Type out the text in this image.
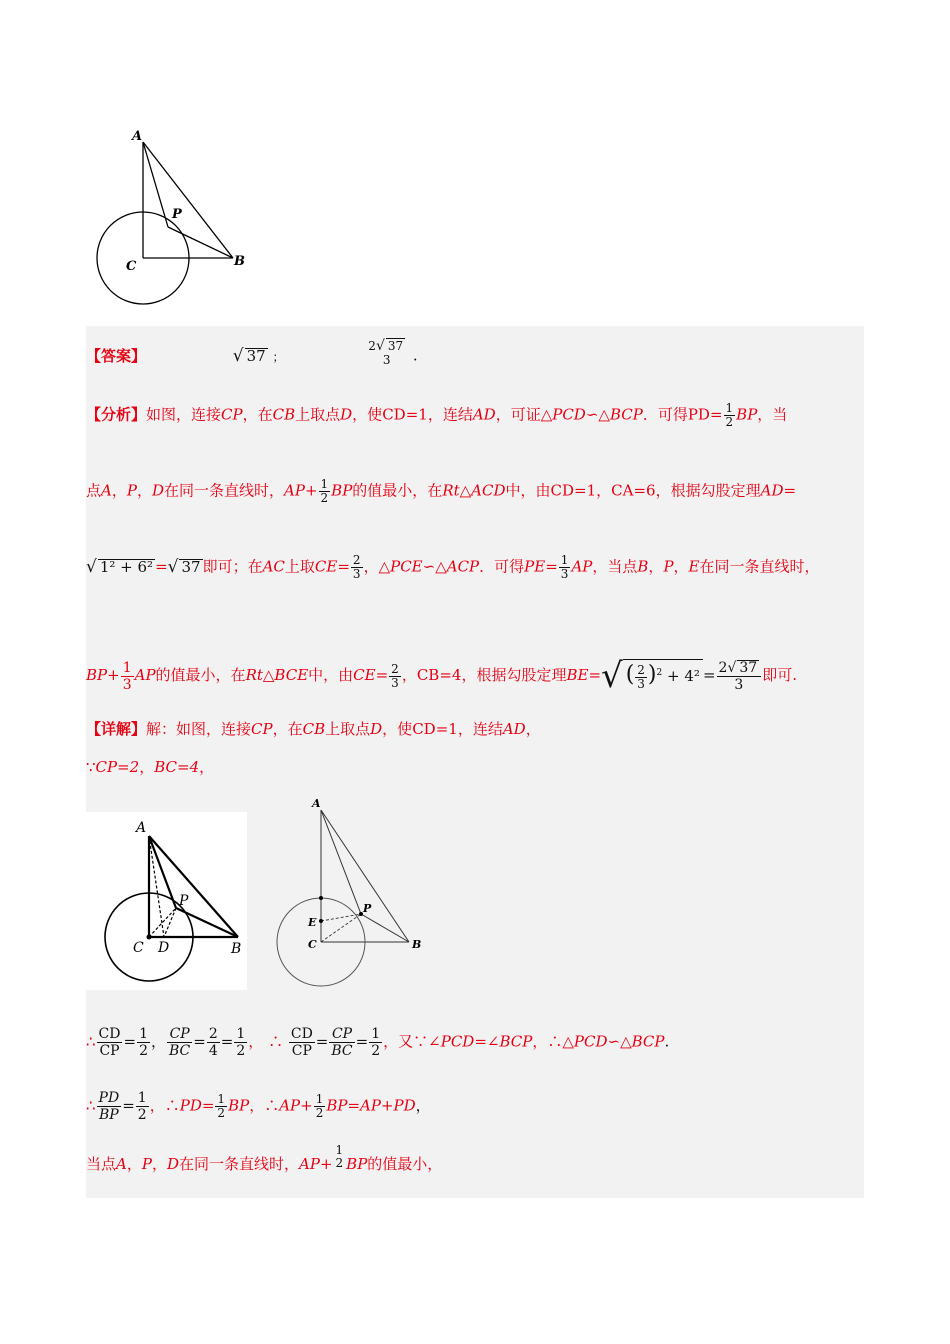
A
P
C	B
【答案】	√ 37 ；
2√ 37
3	.
【分析】如图，连接CP，在CB上取点D，使CD=1，连结AD，可证△PCD∽△BCP．可得$PD= \frac{1}{2}$ BP，当
点A，P，D在同一条直线时，$AP+ \frac{1}{2}$ BP的值最小，在Rt△ACD中，由CD=1，CA=6，根据勾股定理AD=
√ 1² + 6² =√ 37 即可；在AC上取$CE= \frac{2}{3}$ ，△PCE∽△ACP．可得$PE= \frac{1}{3}$ AP，当点B，P，E在同一条直线时，
$BP+ \frac{1}{3}$ AP的值最小，在Rt△BCE中，由$CE= \frac{2}{3}$ ，CB=4，根据勾股定理BE=√ ( $\frac{2}{3} )^2 + 4^2 = \frac{2√ 37}{3}$ 即可.
【详解】解：如图，连接CP，在CB上取点D，使CD=1，连结AD，
∵CP=2，BC=4，
A
P
C D	B
A
P
E
C	B
∴ $\frac{CD}{CP} = \frac{1}{2}$ ， $\frac{CP}{BC} = \frac{2}{4} = \frac{1}{2}$ ， ∴ $\frac{CD}{CP} = \frac{CP}{BC} = \frac{1}{2}$ ，又∵∠PCD=∠BCP，∴△PCD∽△BCP.
∴ $\frac{PD}{BP} = \frac{1}{2}$ ，∴PD= $\frac{1}{2}$ BP，∴AP+ $\frac{1}{2} BP=AP+PD$，
当点A，P，D在同一条直线时，AP+
1
2 BP的值最小，
